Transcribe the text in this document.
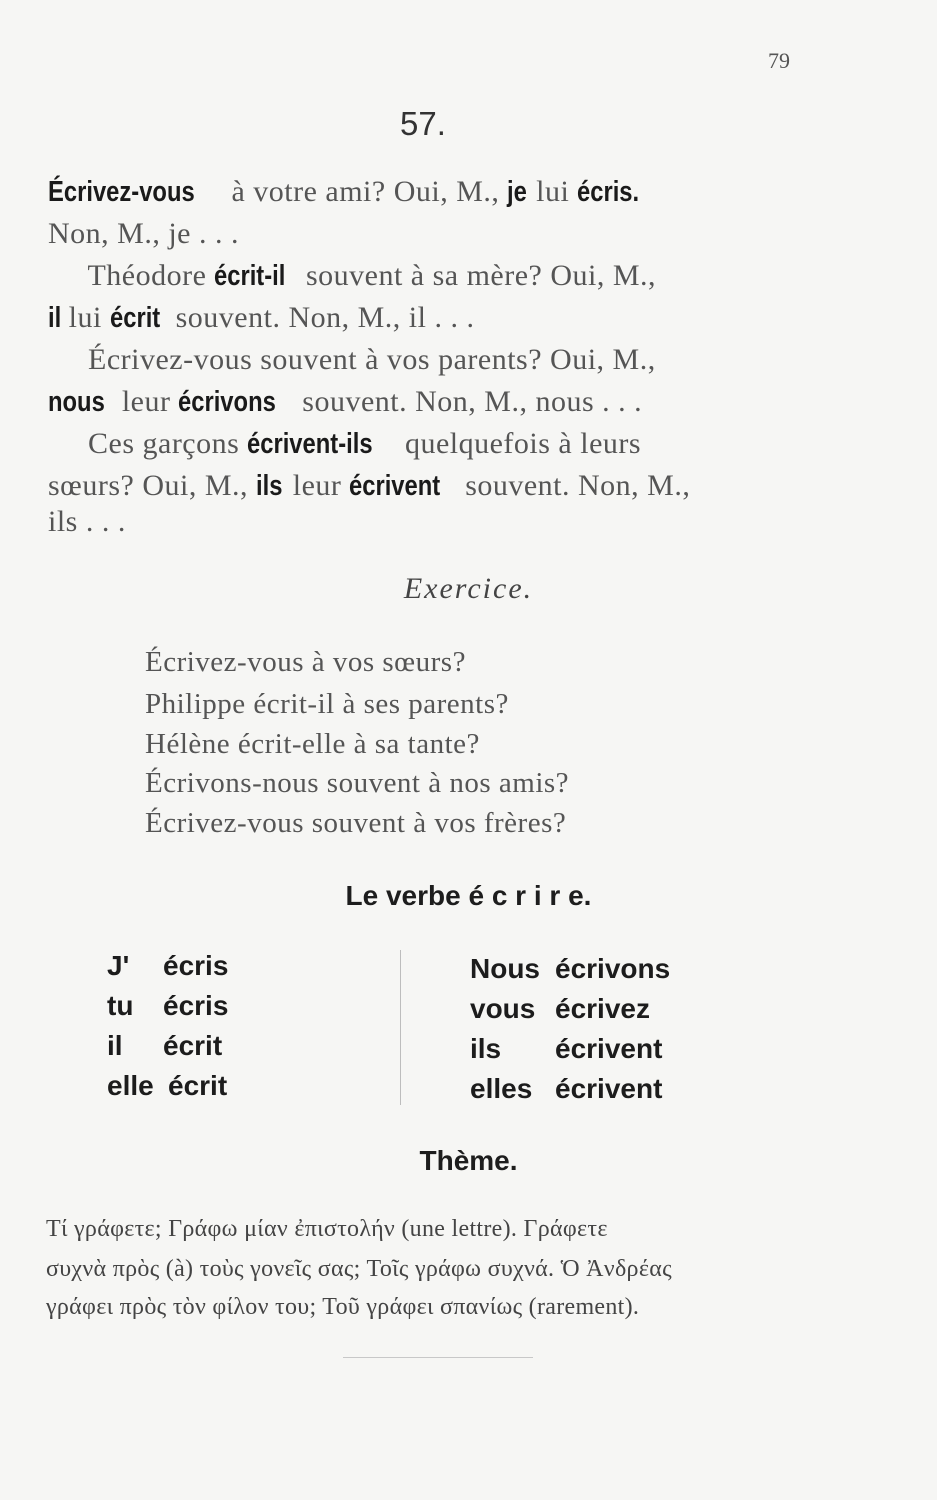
79
57.
Écrivez-vous à votre ami? Oui, M., je lui écris.
Non, M., je . . .
Théodore écrit-il souvent à sa mère? Oui, M.,
il lui écrit souvent. Non, M., il . . .
Écrivez-vous souvent à vos parents? Oui, M.,
nous leur écrivons souvent. Non, M., nous . . .
Ces garçons écrivent-ils quelquefois à leurs
sœurs? Oui, M., ils leur écrivent souvent. Non, M.,
ils . . .
Exercice.
Écrivez-vous à vos sœurs?
Philippe écrit-il à ses parents?
Hélène écrit-elle à sa tante?
Écrivons-nous souvent à nos amis?
Écrivez-vous souvent à vos frères?
Le verbe é c r i r e.
J' écris
tu écris
il écrit
elle écrit
Nous écrivons
vous écrivez
ils écrivent
elles écrivent
Thème.
Τί γράφετε; Γράφω μίαν ἐπιστολήν (une lettre). Γράφετε
συχνὰ πρὸς (à) τοὺς γονεῖς σας; Τοῖς γράφω συχνά. Ὁ Ἀνδρέας
γράφει πρὸς τὸν φίλον του; Τοῦ γράφει σπανίως (rarement).
